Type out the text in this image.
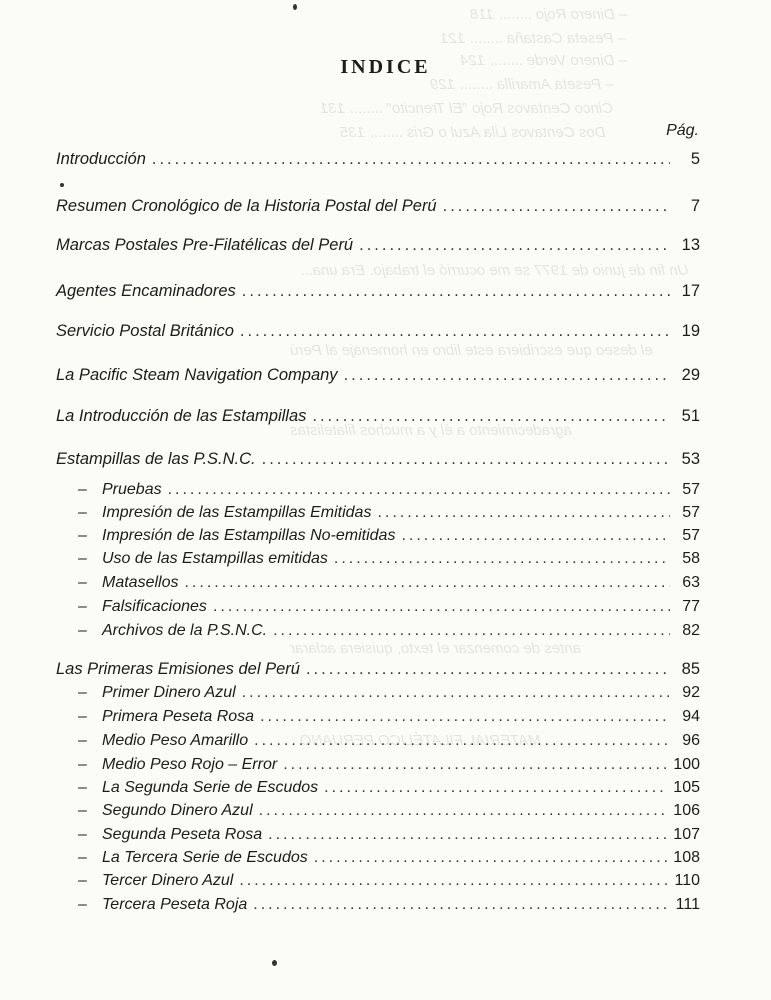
– Dinero Rojo ........ 118
– Peseta Castaña ........ 121
– Dinero Verde ........ 124
– Peseta Amarilla ........ 129
Cinco Centavos Rojo "El Trencito" ........ 131
Dos Centavos Lila Azul o Gris ........ 135
Un fin de junio de 1977 se me ocurrió el trabajo. Era una...
el deseo que escribiera este libro en homenaje al Perú
agradecimiento a él y a muchos filatelistas
antes de comenzar el texto, quisiera aclarar
MATERIAL FILATÉLICO PERUANO
INDICE
Pág.
Introducción .....	5
Resumen Cronológico de la Historia Postal del Perú .....	7
Marcas Postales Pre-Filatélicas del Perú .....	13
Agentes Encaminadores .....	17
Servicio Postal Británico .....	19
La Pacific Steam Navigation Company .....	29
La Introducción de las Estampillas .....	51
Estampillas de las P.S.N.C. .....	53
– Pruebas .....	57
– Impresión de las Estampillas Emitidas .....	57
– Impresión de las Estampillas No-emitidas .....	57
– Uso de las Estampillas emitidas .....	58
– Matasellos .....	63
– Falsificaciones .....	77
– Archivos de la P.S.N.C. .....	82
Las Primeras Emisiones del Perú .....	85
– Primer Dinero Azul .....	92
– Primera Peseta Rosa .....	94
– Medio Peso Amarillo .....	96
– Medio Peso Rojo – Error .....	100
– La Segunda Serie de Escudos .....	105
– Segundo Dinero Azul .....	106
– Segunda Peseta Rosa .....	107
– La Tercera Serie de Escudos .....	108
– Tercer Dinero Azul .....	110
– Tercera Peseta Roja .....	111
